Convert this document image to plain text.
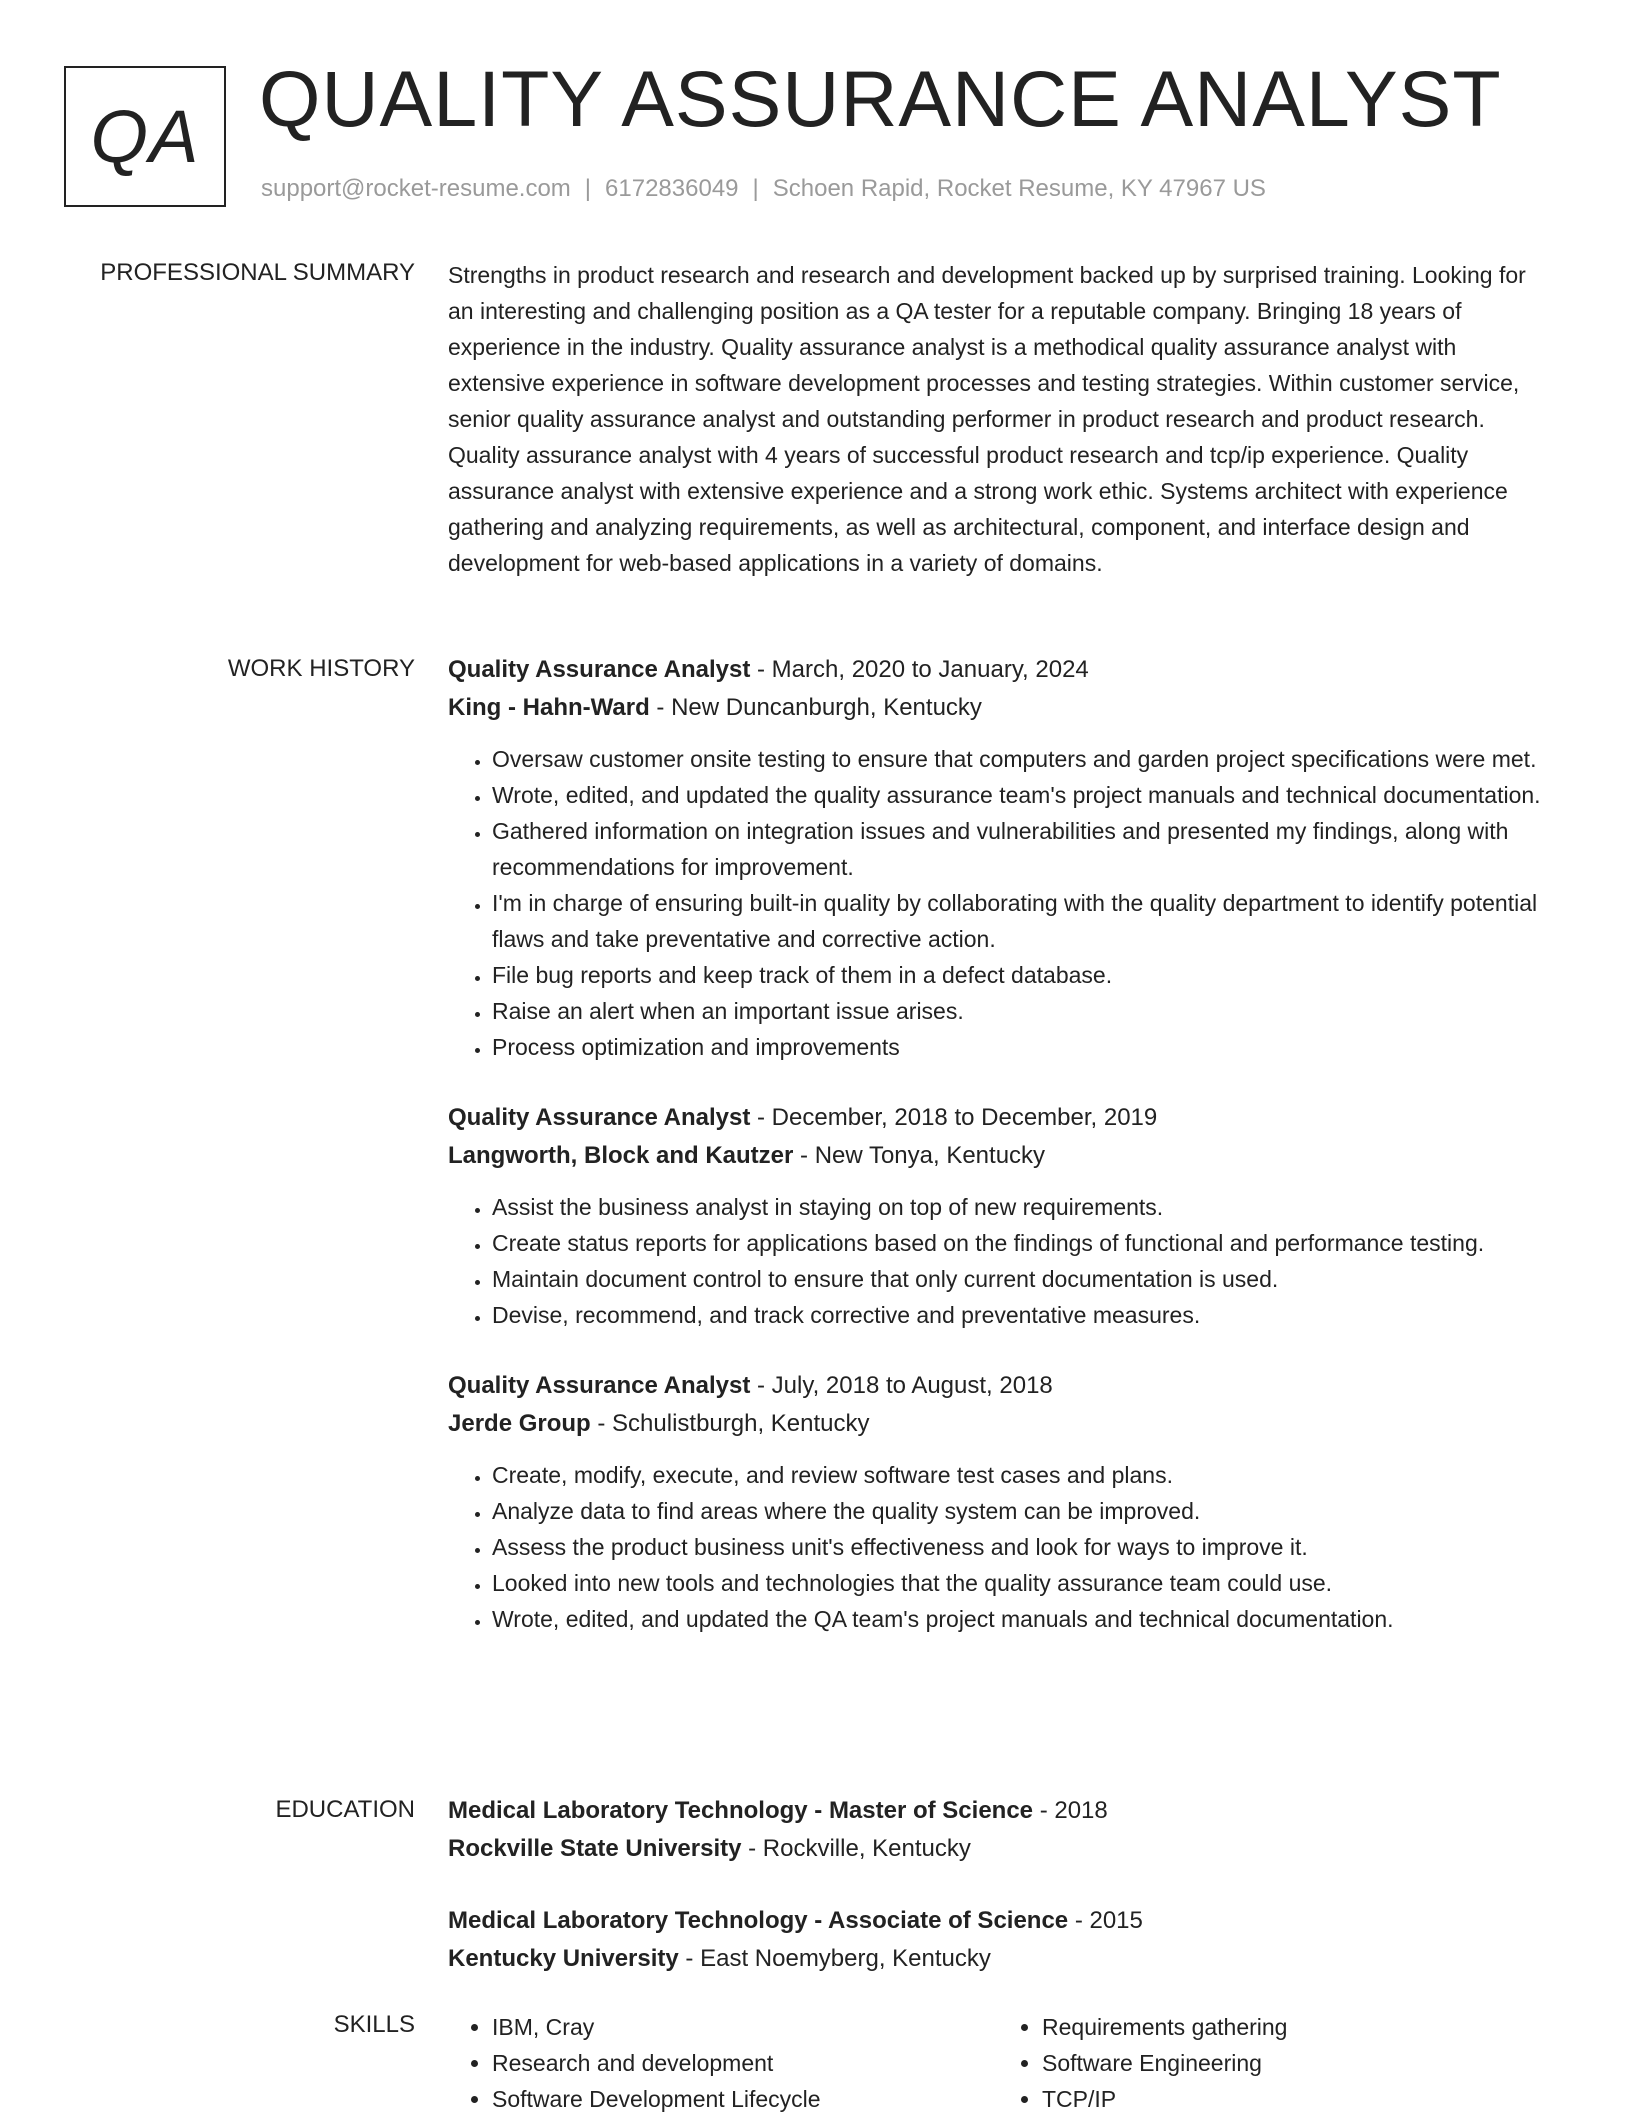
QA QUALITY ASSURANCE ANALYST
support@rocket-resume.com | 6172836049 | Schoen Rapid, Rocket Resume, KY 47967 US
PROFESSIONAL SUMMARY Strengths in product research and research and development backed up by surprised training. Looking for an interesting and challenging position as a QA tester for a reputable company. Bringing 18 years of experience in the industry. Quality assurance analyst is a methodical quality assurance analyst with extensive experience in software development processes and testing strategies. Within customer service, senior quality assurance analyst and outstanding performer in product research and product research. Quality assurance analyst with 4 years of successful product research and tcp/ip experience. Quality assurance analyst with extensive experience and a strong work ethic. Systems architect with experience gathering and analyzing requirements, as well as architectural, component, and interface design and development for web-based applications in a variety of domains.

WORK HISTORY Quality Assurance Analyst - March, 2020 to January, 2024
King - Hahn-Ward - New Duncanburgh, Kentucky
• Oversaw customer onsite testing to ensure that computers and garden project specifications were met.
• Wrote, edited, and updated the quality assurance team's project manuals and technical documentation.
• Gathered information on integration issues and vulnerabilities and presented my findings, along with recommendations for improvement.
• I'm in charge of ensuring built-in quality by collaborating with the quality department to identify potential flaws and take preventative and corrective action.
• File bug reports and keep track of them in a defect database.
• Raise an alert when an important issue arises.
• Process optimization and improvements
Quality Assurance Analyst - December, 2018 to December, 2019
Langworth, Block and Kautzer - New Tonya, Kentucky
• Assist the business analyst in staying on top of new requirements.
• Create status reports for applications based on the findings of functional and performance testing.
• Maintain document control to ensure that only current documentation is used.
• Devise, recommend, and track corrective and preventative measures.
Quality Assurance Analyst - July, 2018 to August, 2018
Jerde Group - Schulistburgh, Kentucky
• Create, modify, execute, and review software test cases and plans.
• Analyze data to find areas where the quality system can be improved.
• Assess the product business unit's effectiveness and look for ways to improve it.
• Looked into new tools and technologies that the quality assurance team could use.
• Wrote, edited, and updated the QA team's project manuals and technical documentation.
EDUCATION Medical Laboratory Technology - Master of Science - 2018
Rockville State University - Rockville, Kentucky
Medical Laboratory Technology - Associate of Science - 2015
Kentucky University - East Noemyberg, Kentucky
SKILLS
•	IBM, Cray
• Research and development
• Software Development Lifecycle
• Requirements gathering
• Software Engineering
• TCP/IP
